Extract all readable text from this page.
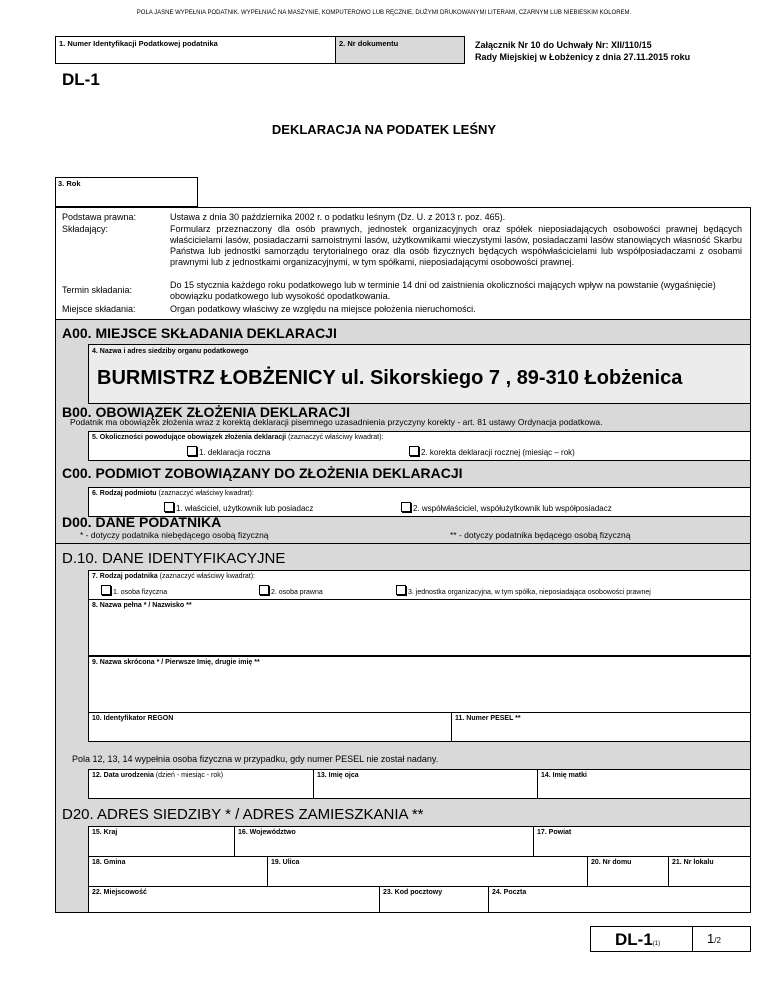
POLA JASNE WYPEŁNIA PODATNIK. WYPEŁNIAĆ NA MASZYNIE, KOMPUTEROWO LUB RĘCZNIE, DUŻYMI DRUKOWANYMI LITERAMI, CZARNYM LUB NIEBIESKIM KOLOREM.
1. Numer Identyfikacji Podatkowej podatnika	2. Nr dokumentu	Załącznik Nr 10 do Uchwały Nr: XII/110/15
Rady Miejskiej w Łobżenicy z dnia 27.11.2015 roku
DL-1
DEKLARACJA NA PODATEK LEŚNY
3. Rok
Podstawa prawna:	Ustawa z dnia 30 października 2002 r. o podatku leśnym (Dz. U. z 2013 r. poz. 465).
Składający:	Formularz przeznaczony dla osób prawnych, jednostek organizacyjnych oraz spółek nieposiadających osobowości prawnej będących właścicielami lasów, posiadaczami samoistnymi lasów, użytkownikami wieczystymi lasów, posiadaczami lasów stanowiących własność Skarbu Państwa lub jednostki samorządu terytorialnego oraz dla osób fizycznych będących współwłaścicielami lub współposiadaczami z osobami prawnymi lub z jednostkami organizacyjnymi, w tym spółkami, nieposiadającymi osobowości prawnej.
Termin składania:	Do 15 stycznia każdego roku podatkowego lub w terminie 14 dni od zaistnienia okoliczności mających wpływ na powstanie (wygaśnięcie) obowiązku podatkowego lub wysokość opodatkowania.
Miejsce składania:	Organ podatkowy właściwy ze względu na miejsce położenia nieruchomości.
A00. MIEJSCE SKŁADANIA DEKLARACJI
4. Nazwa i adres siedziby organu podatkowego
BURMISTRZ ŁOBŻENICY ul. Sikorskiego 7 , 89-310 Łobżenica
B00. OBOWIĄZEK ZŁOŻENIA DEKLARACJI
Podatnik ma obowiązek złożenia wraz z korektą deklaracji pisemnego uzasadnienia przyczyny korekty - art. 81 ustawy Ordynacja podatkowa.
5. Okoliczności powodujące obowiązek złożenia deklaracji (zaznaczyć właściwy kwadrat):
1. deklaracja roczna	2. korekta deklaracji rocznej (miesiąc – rok)
C00. PODMIOT ZOBOWIĄZANY DO ZŁOŻENIA DEKLARACJI
6. Rodzaj podmiotu (zaznaczyć właściwy kwadrat):
1. właściciel, użytkownik lub posiadacz	2. współwłaściciel, współużytkownik lub współposiadacz
D00. DANE PODATNIKA
* - dotyczy podatnika niebędącego osobą fizyczną	** - dotyczy podatnika będącego osobą fizyczną
D.10. DANE IDENTYFIKACYJNE
7. Rodzaj podatnika (zaznaczyć właściwy kwadrat):
1. osoba fizyczna	2. osoba prawna	3. jednostka organizacyjna, w tym spółka, nieposiadająca osobowości prawnej
8. Nazwa pełna * / Nazwisko **
9. Nazwa skrócona * / Pierwsze Imię, drugie imię **
10. Identyfikator REGON	11. Numer PESEL **
Pola 12, 13, 14 wypełnia osoba fizyczna w przypadku, gdy numer PESEL nie został nadany.
12. Data urodzenia (dzień - miesiąc - rok)	13. Imię ojca	14. Imię matki
D20. ADRES SIEDZIBY * / ADRES ZAMIESZKANIA **
15. Kraj	16. Województwo	17. Powiat
18. Gmina	19. Ulica	20. Nr domu	21. Nr lokalu
22. Miejscowość	23. Kod pocztowy	24. Poczta
DL-1(1)	1/2
